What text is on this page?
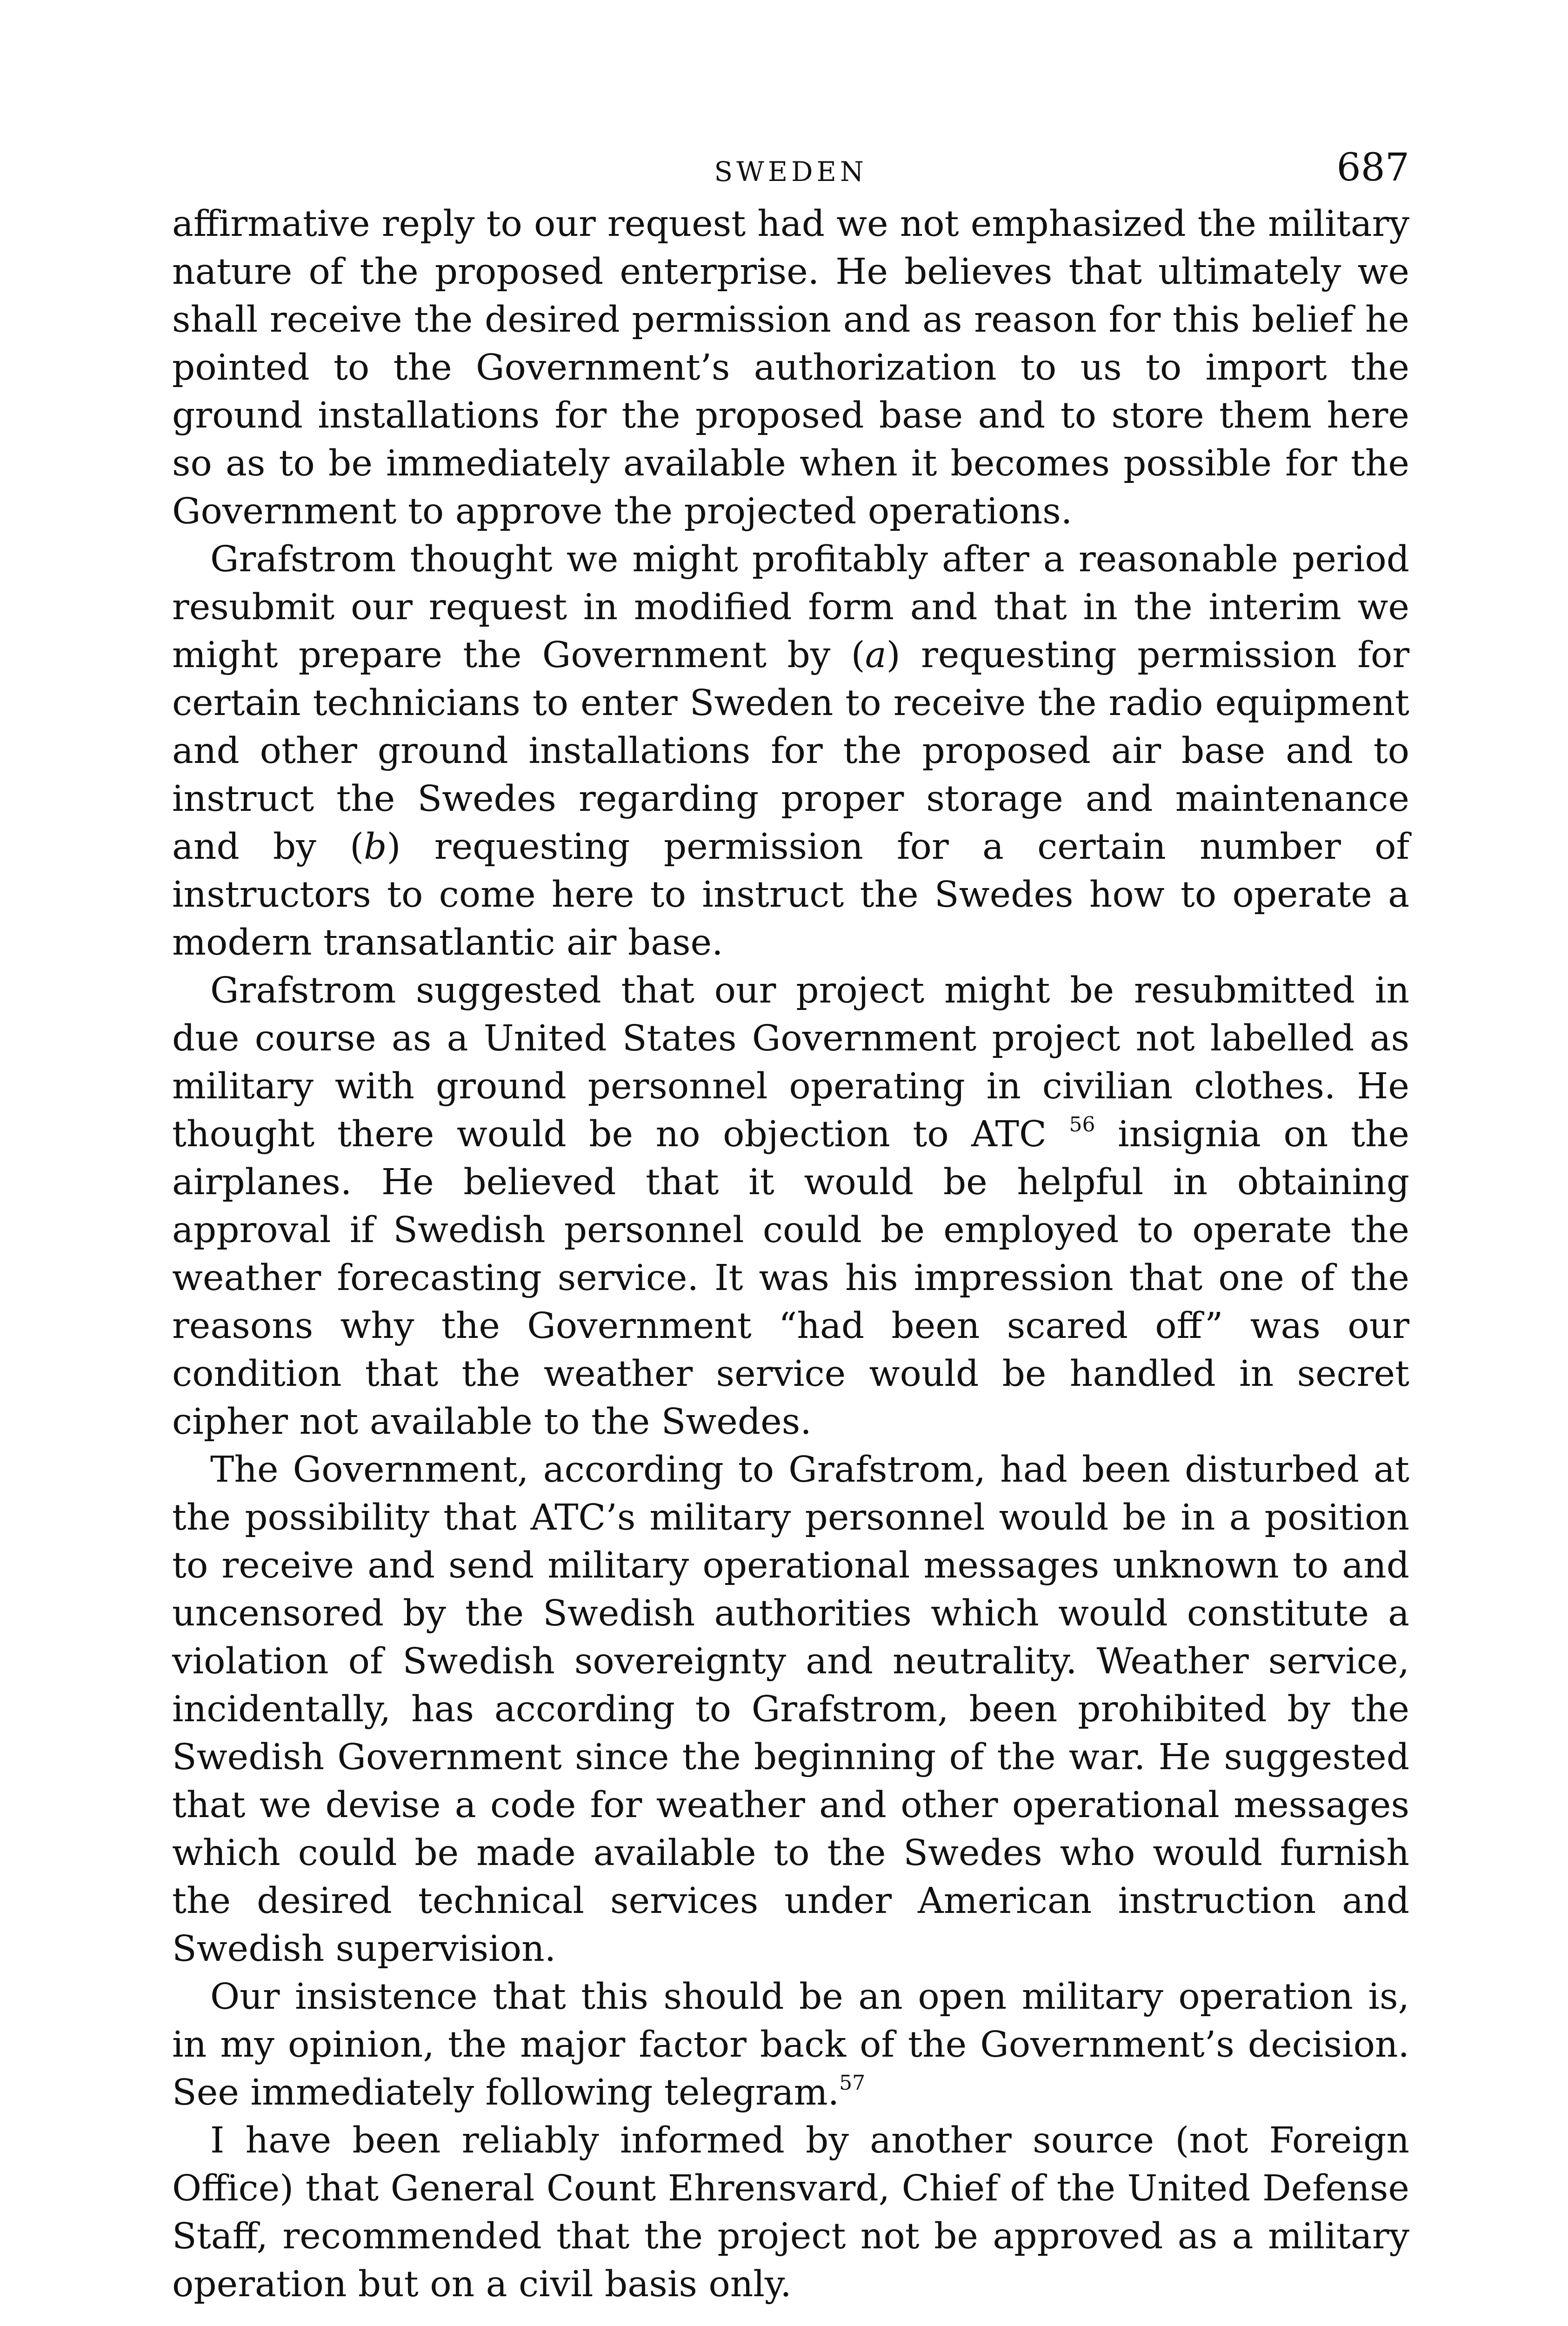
SWEDEN	687

affirmative reply to our request had we not emphasized the military nature of the proposed enterprise. He believes that ultimately we shall receive the desired permission and as reason for this belief he pointed to the Government’s authorization to us to import the ground installations for the proposed base and to store them here so as to be immediately available when it becomes possible for the Government to approve the projected operations.

Grafstrom thought we might profitably after a reasonable period resubmit our request in modified form and that in the interim we might prepare the Government by (a) requesting permission for certain technicians to enter Sweden to receive the radio equipment and other ground installations for the proposed air base and to instruct the Swedes regarding proper storage and maintenance and by (b) requesting permission for a certain number of instructors to come here to instruct the Swedes how to operate a modern transatlantic air base.

Grafstrom suggested that our project might be resubmitted in due course as a United States Government project not labelled as military with ground personnel operating in civilian clothes. He thought there would be no objection to ATC $^{56}$ insignia on the airplanes. He believed that it would be helpful in obtaining approval if Swedish personnel could be employed to operate the weather forecasting service. It was his impression that one of the reasons why the Government “had been scared off” was our condition that the weather service would be handled in secret cipher not available to the Swedes.

The Government, according to Grafstrom, had been disturbed at the possibility that ATC’s military personnel would be in a position to receive and send military operational messages unknown to and uncensored by the Swedish authorities which would constitute a violation of Swedish sovereignty and neutrality. Weather service, incidentally, has according to Grafstrom, been prohibited by the Swedish Government since the beginning of the war. He suggested that we devise a code for weather and other operational messages which could be made available to the Swedes who would furnish the desired technical services under American instruction and Swedish supervision.

Our insistence that this should be an open military operation is, in my opinion, the major factor back of the Government’s decision. See immediately following telegram.$^{57}$

I have been reliably informed by another source (not Foreign Office) that General Count Ehrensvard, Chief of the United Defense Staff, recommended that the project not be approved as a military operation but on a civil basis only.
